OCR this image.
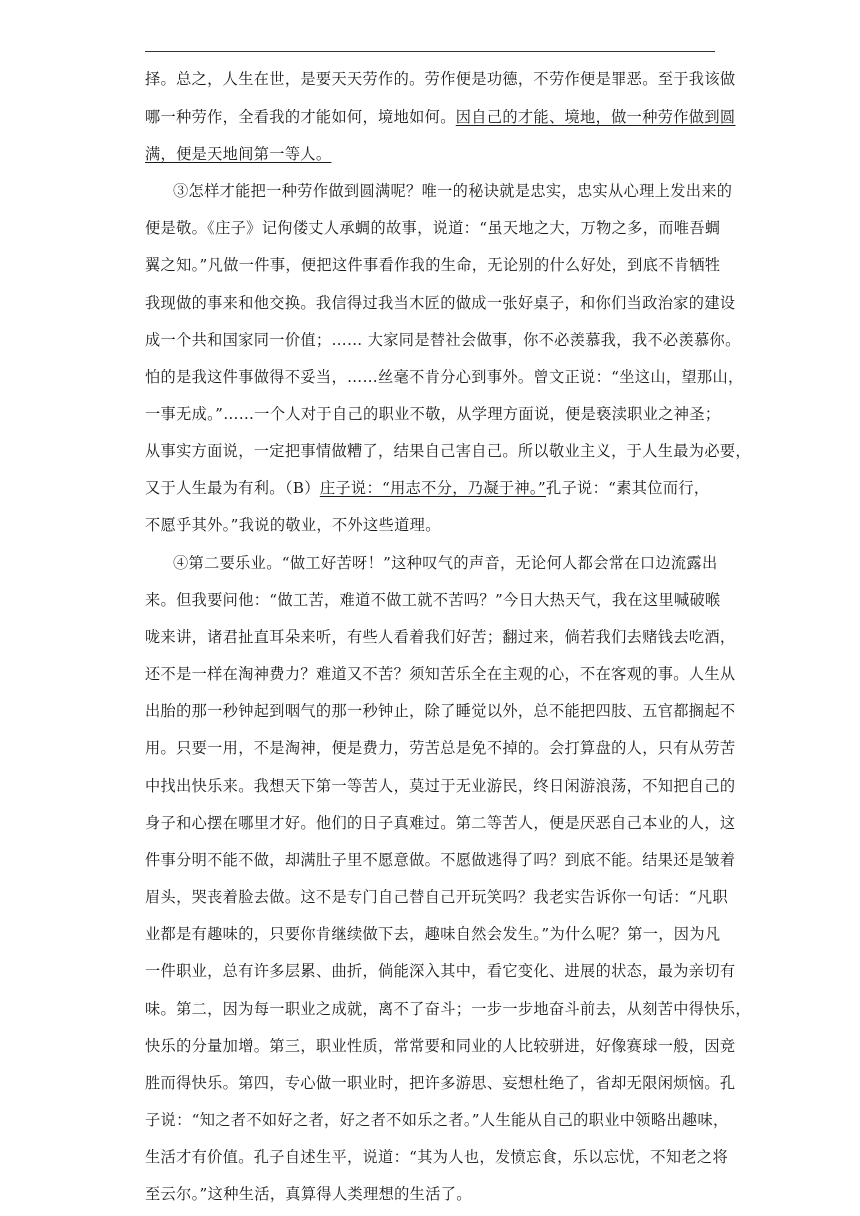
择。总之，人生在世，是要天天劳作的。劳作便是功德，不劳作便是罪恶。至于我该做
哪一种劳作，全看我的才能如何，境地如何。因自己的才能、境地，做一种劳作做到圆
满，便是天地间第一等人。
③怎样才能把一种劳作做到圆满呢？唯一的秘诀就是忠实，忠实从心理上发出来的
便是敬。《庄子》记佝偻丈人承蜩的故事，说道：“虽天地之大，万物之多，而唯吾蜩
翼之知。”凡做一件事，便把这件事看作我的生命，无论别的什么好处，到底不肯牺牲
我现做的事来和他交换。我信得过我当木匠的做成一张好桌子，和你们当政治家的建设
成一个共和国家同一价值；…… 大家同是替社会做事，你不必羡慕我，我不必羡慕你。
怕的是我这件事做得不妥当，……丝毫不肯分心到事外。曾文正说：“坐这山，望那山，
一事无成。”……一个人对于自己的职业不敬，从学理方面说，便是亵渎职业之神圣；
从事实方面说，一定把事情做糟了，结果自己害自己。所以敬业主义，于人生最为必要，
又于人生最为有利。（B）庄子说：“用志不分，乃凝于神。”孔子说：“素其位而行，
不愿乎其外。”我说的敬业，不外这些道理。
④第二要乐业。“做工好苦呀！”这种叹气的声音，无论何人都会常在口边流露出
来。但我要问他：“做工苦，难道不做工就不苦吗？”今日大热天气，我在这里喊破喉
咙来讲，诸君扯直耳朵来听，有些人看着我们好苦；翻过来，倘若我们去赌钱去吃酒，
还不是一样在淘神费力？难道又不苦？须知苦乐全在主观的心，不在客观的事。人生从
出胎的那一秒钟起到咽气的那一秒钟止，除了睡觉以外，总不能把四肢、五官都搁起不
用。只要一用，不是淘神，便是费力，劳苦总是免不掉的。会打算盘的人，只有从劳苦
中找出快乐来。我想天下第一等苦人，莫过于无业游民，终日闲游浪荡，不知把自己的
身子和心摆在哪里才好。他们的日子真难过。第二等苦人，便是厌恶自己本业的人，这
件事分明不能不做，却满肚子里不愿意做。不愿做逃得了吗？到底不能。结果还是皱着
眉头，哭丧着脸去做。这不是专门自己替自己开玩笑吗？我老实告诉你一句话：“凡职
业都是有趣味的，只要你肯继续做下去，趣味自然会发生。”为什么呢？第一，因为凡
一件职业，总有许多层累、曲折，倘能深入其中，看它变化、进展的状态，最为亲切有
味。第二，因为每一职业之成就，离不了奋斗；一步一步地奋斗前去，从刻苦中得快乐，
快乐的分量加增。第三，职业性质，常常要和同业的人比较骈进，好像赛球一般，因竞
胜而得快乐。第四，专心做一职业时，把许多游思、妄想杜绝了，省却无限闲烦恼。孔
子说：“知之者不如好之者，好之者不如乐之者。”人生能从自己的职业中领略出趣味，
生活才有价值。孔子自述生平，说道：“其为人也，发愤忘食，乐以忘忧，不知老之将
至云尔。”这种生活，真算得人类理想的生活了。
